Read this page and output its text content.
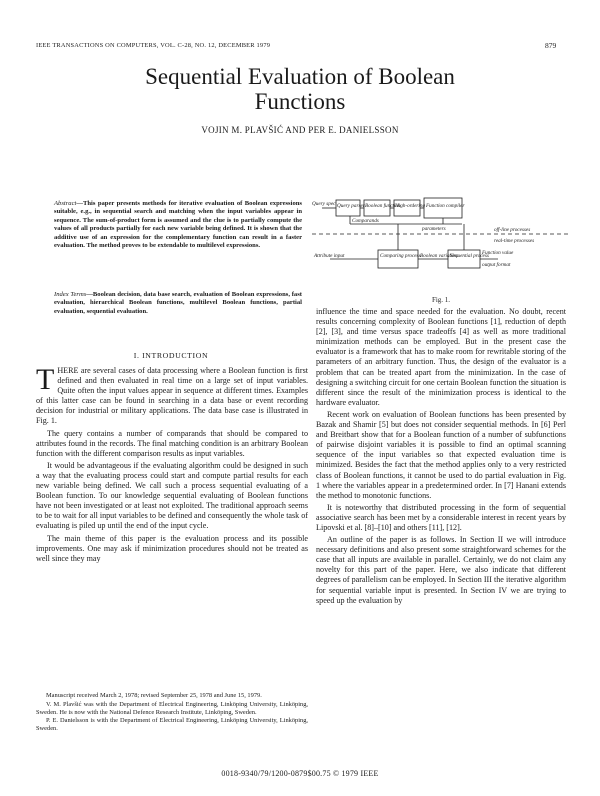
IEEE TRANSACTIONS ON COMPUTERS, VOL. C-28, NO. 12, DECEMBER 1979	879
Sequential Evaluation of Boolean
Functions
VOJIN M. PLAVŠIĆ AND PER E. DANIELSSON
Abstract—This paper presents methods for iterative evaluation of Boolean expressions suitable, e.g., in sequential search and matching when the input variables appear in sequence. The sum-of-product form is assumed and the clue is to partially compute the values of all products partially for each new variable being defined. It is shown that the additive use of an expression for the complementary function can result in a faster evaluation. The method proves to be extendable to multilevel expressions.
Index Terms—Boolean decision, data base search, evaluation of Boolean expressions, fast evaluation, hierarchical Boolean functions, multilevel Boolean functions, partial evaluation, sequential evaluation.
I. INTRODUCTION

THERE are several cases of data processing where a Boolean function is first defined and then evaluated in real time on a large set of input variables. Quite often the input values appear in sequence at different times. Examples of this latter case can be found in searching in a data base or event recording decision for industrial or military applications. The data base case is illustrated in Fig. 1.

The query contains a number of comparands that should be compared to attributes found in the records. The final matching condition is an arbitrary Boolean function with the different comparison results as input variables.

It would be advantageous if the evaluating algorithm could be designed in such a way that the evaluating process could start and compute partial results for each new variable being defined. We call such a process sequential evaluating of a Boolean function. To our knowledge sequential evaluating of Boolean functions have not been investigated or at least not exploited. The traditional approach seems to be to wait for all input variables to be defined and consequently the whole task of evaluating is piled up until the end of the input cycle.

The main theme of this paper is the evaluation process and its possible improvements. One may ask if minimization procedures should not be treated as well since they may

Manuscript received March 2, 1978; revised September 25, 1978 and June 15, 1979.

V. M. Plavšić was with the Department of Electrical Engineering, Linköping University, Linköping, Sweden. He is now with the National Defence Research Institute, Linköping, Sweden.

P. E. Danielsson is with the Department of Electrical Engineering, Linköping University, Linköping, Sweden.

Query spec Query parser Boolean function
High-ordering Function compiler
Comparands
parameters	off-line processes
real-time processes
Attribute input	Comparing process Boolean variables
Sequential process
Function value
output format
Fig. 1.

influence the time and space needed for the evaluation. No doubt, recent results concerning complexity of Boolean functions [1], reduction of depth [2], [3], and time versus space tradeoffs [4] as well as more traditional minimization methods can be employed. But in the present case the evaluator is a framework that has to make room for rewritable storing of the parameters of an arbitrary function. Thus, the design of the evaluator is a problem that can be treated apart from the minimization. In the case of designing a switching circuit for one certain Boolean function the situation is different since the result of the minimization process is identical to the hardware evaluator.

Recent work on evaluation of Boolean functions has been presented by Bazak and Shamir [5] but does not consider sequential methods. In [6] Perl and Breitbart show that for a Boolean function of a number of subfunctions of pairwise disjoint variables it is possible to find an optimal scanning sequence of the input variables so that expected evaluation time is minimized. Besides the fact that the method applies only to a very restricted class of Boolean functions, it cannot be used to do partial evaluation in Fig. 1 where the variables appear in a predetermined order. In [7] Hanani extends the method to monotonic functions.

It is noteworthy that distributed processing in the form of sequential associative search has been met by a considerable interest in recent years by Lipovski et al. [8]–[10] and others [11], [12].

An outline of the paper is as follows. In Section II we will introduce necessary definitions and also present some straightforward schemes for the case that all inputs are available in parallel. Certainly, we do not claim any novelty for this part of the paper. Here, we also indicate that different degrees of parallelism can be employed. In Section III the iterative algorithm for sequential variable input is presented. In Section IV we are trying to speed up the evaluation by

0018-9340/79/1200-0879$00.75 © 1979 IEEE
